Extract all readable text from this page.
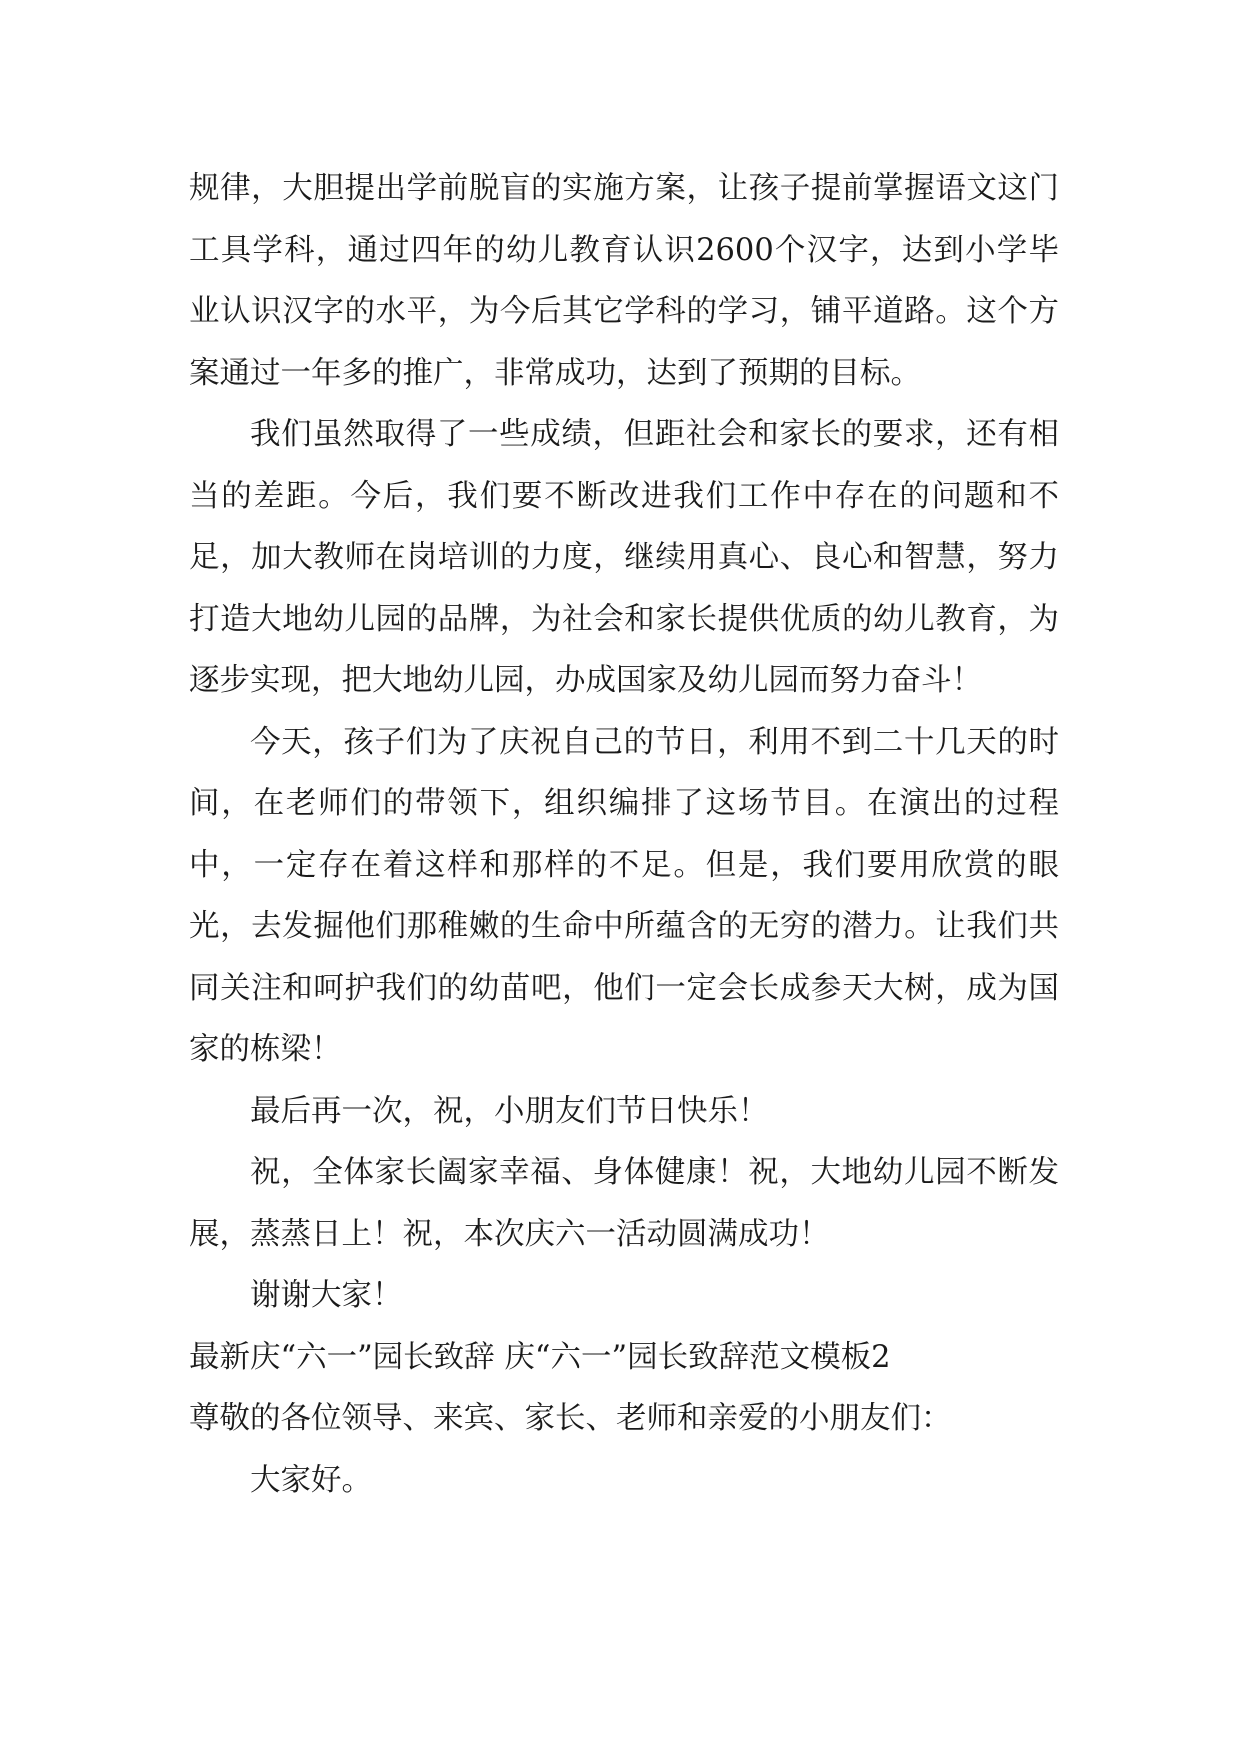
规律，大胆提出学前脱盲的实施方案，让孩子提前掌握语文这门工具学科，通过四年的幼儿教育认识2600个汉字，达到小学毕业认识汉字的水平，为今后其它学科的学习，铺平道路。这个方案通过一年多的推广，非常成功，达到了预期的目标。

我们虽然取得了一些成绩，但距社会和家长的要求，还有相当的差距。今后，我们要不断改进我们工作中存在的问题和不足，加大教师在岗培训的力度，继续用真心、良心和智慧，努力打造大地幼儿园的品牌，为社会和家长提供优质的幼儿教育，为逐步实现，把大地幼儿园，办成国家及幼儿园而努力奋斗！

今天，孩子们为了庆祝自己的节日，利用不到二十几天的时间，在老师们的带领下，组织编排了这场节目。在演出的过程中，一定存在着这样和那样的不足。但是，我们要用欣赏的眼光，去发掘他们那稚嫩的生命中所蕴含的无穷的潜力。让我们共同关注和呵护我们的幼苗吧，他们一定会长成参天大树，成为国家的栋梁！

最后再一次，祝，小朋友们节日快乐！

祝，全体家长阖家幸福、身体健康！祝，大地幼儿园不断发展，蒸蒸日上！祝，本次庆六一活动圆满成功！

谢谢大家！

最新庆“六一”园长致辞 庆“六一”园长致辞范文模板2

尊敬的各位领导、来宾、家长、老师和亲爱的小朋友们：

大家好。
